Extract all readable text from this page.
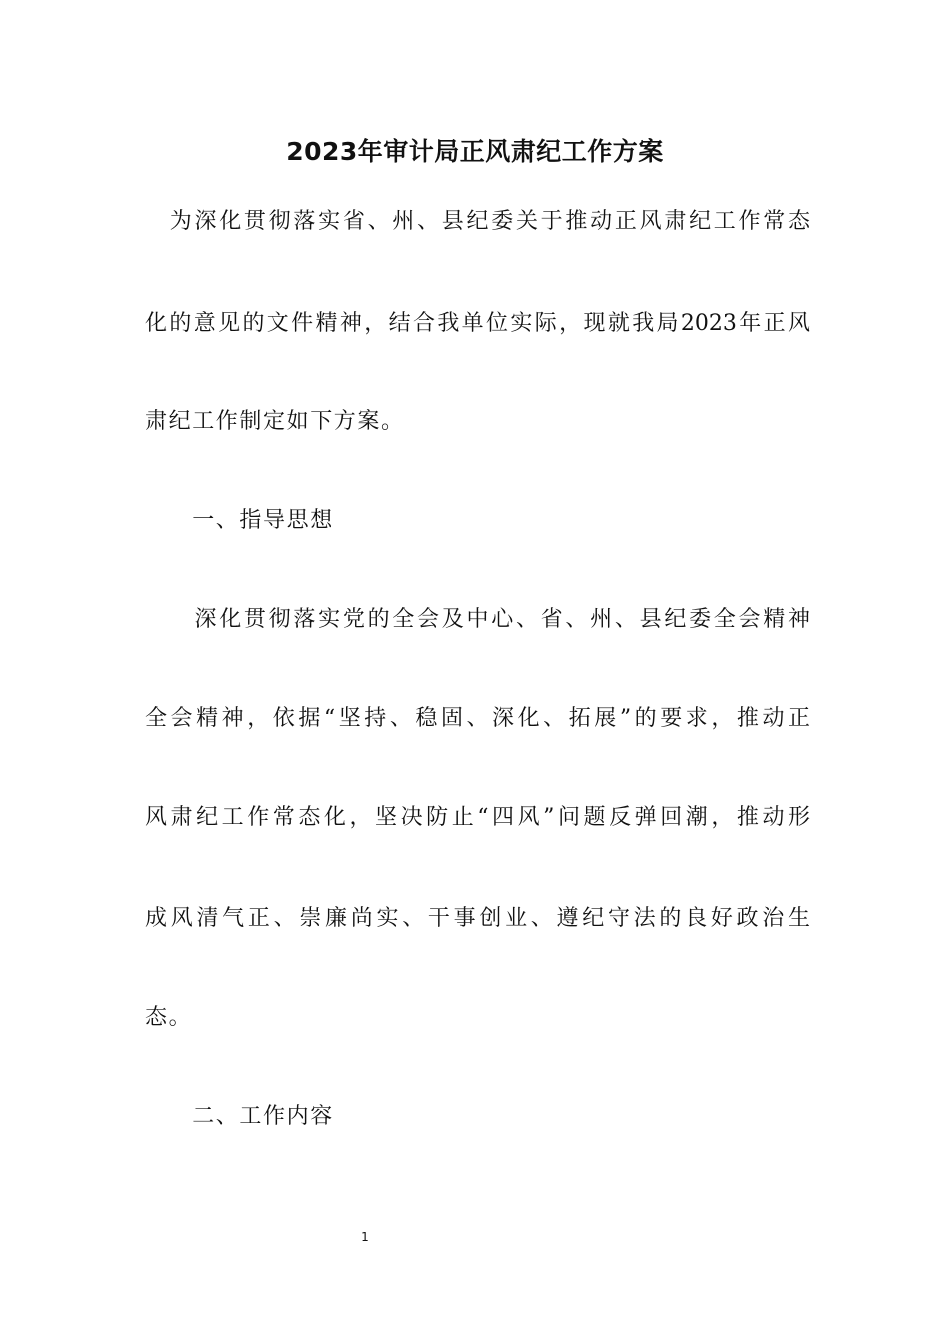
2023年审计局正风肃纪工作方案
　为深化贯彻落实省、州、县纪委关于推动正风肃纪工作常态
化的意见的文件精神，结合我单位实际，现就我局2023年正风
肃纪工作制定如下方案。
　　一、指导思想
　　深化贯彻落实党的全会及中心、省、州、县纪委全会精神
全会精神，依据“坚持、稳固、深化、拓展”的要求，推动正
风肃纪工作常态化，坚决防止“四风”问题反弹回潮，推动形
成风清气正、崇廉尚实、干事创业、遵纪守法的良好政治生
态。
　　二、工作内容
1
